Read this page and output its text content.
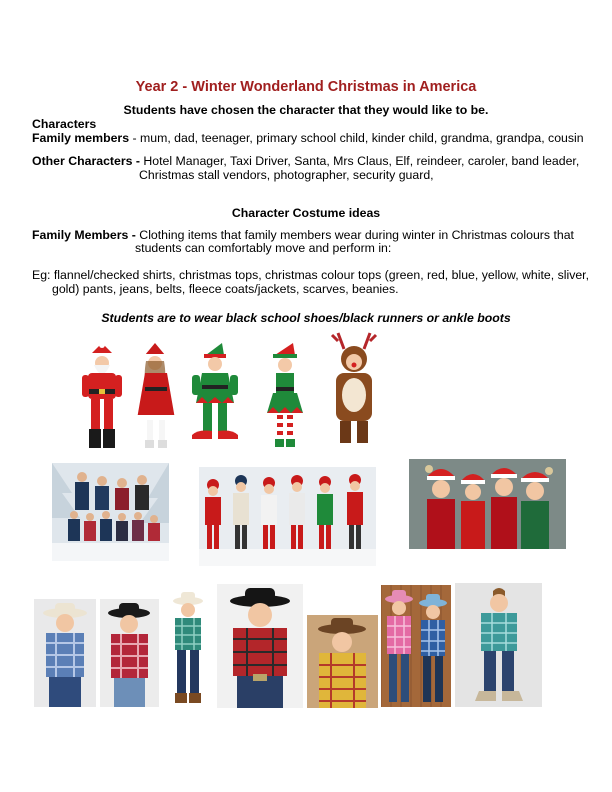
Year 2 - Winter Wonderland Christmas in America
Students have chosen the character that they would like to be.
Characters
Family members - mum, dad, teenager, primary school child, kinder child, grandma, grandpa, cousin
Other Characters - Hotel Manager, Taxi Driver, Santa, Mrs Claus, Elf, reindeer, caroler, band leader,
Christmas stall vendors, photographer, security guard,
Character Costume ideas
Family Members - Clothing items that family members wear during winter in Christmas colours that
students can comfortably move and perform in:
Eg: flannel/checked shirts, christmas tops, christmas colour tops (green, red, blue, yellow, white, sliver,
gold) pants, jeans, belts, fleece coats/jackets, scarves, beanies.
Students are to wear black school shoes/black runners or ankle boots
